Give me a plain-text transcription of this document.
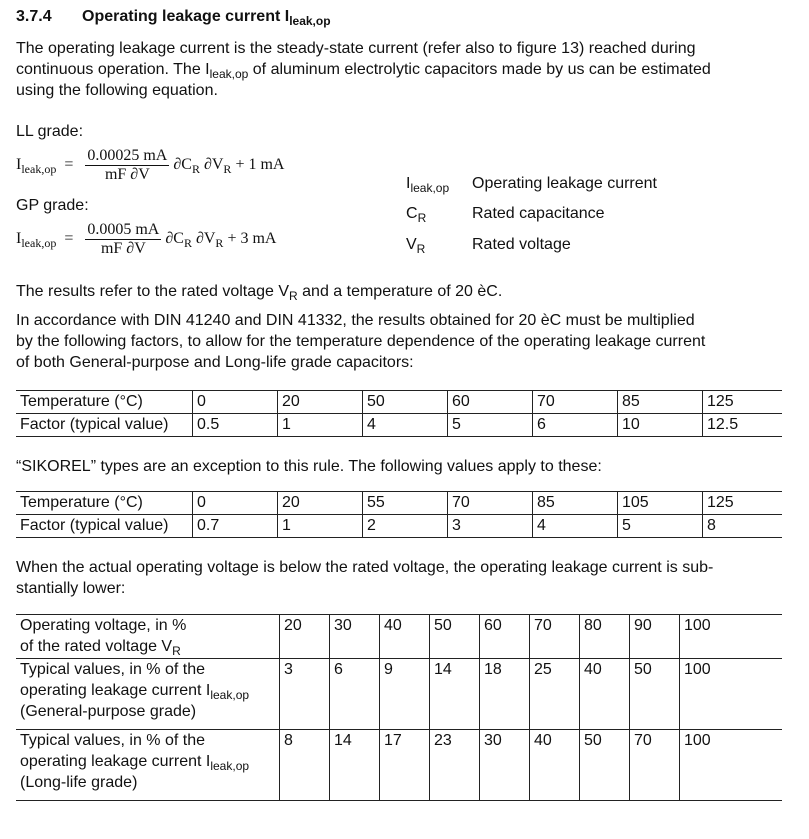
3.7.4 Operating leakage current $I_{leak,op}$
The operating leakage current is the steady-state current (refer also to figure 13) reached during
continuous operation. The $I_{leak,op}$ of aluminum electrolytic capacitors made by us can be estimated
using the following equation.
LL grade:
$I_{leak,op} = \frac{0.00025 mA}{mF \partial V} \partial C_R$ $\partial V_R + 1$ mA
GP grade:
$I_{leak,op} = \frac{0.0005 mA}{mF \partial V} \partial C_R$ $\partial V_R + 3$ mA
$I_{leak,op}$ Operating leakage current
$C_R$	Rated capacitance
$V_R$	Rated voltage
The results refer to the rated voltage $V_R$ and a temperature of 20 èC.
In accordance with DIN 41240 and DIN 41332, the results obtained for 20 èC must be multiplied
by the following factors, to allow for the temperature dependence of the operating leakage current
of both General-purpose and Long-life grade capacitors:
Temperature (°C)	0	20	50	60	70	85	125
Factor (typical value)	0.5	1	4	5	6	10	12.5
“SIKOREL” types are an exception to this rule. The following values apply to these:
Temperature (°C)	0	20	55	70	85	105	125
Factor (typical value)	0.7	1	2	3	4	5	8
When the actual operating voltage is below the rated voltage, the operating leakage current is sub-
stantially lower:
Operating voltage, in %
of the rated voltage $V_R$	20	30	40	50	60	70	80	90	100

Typical values, in % of the
operating leakage current $I_{leak,op}$
(General-purpose grade)	3	6	9	14	18	25	40	50	100

Typical values, in % of the
operating leakage current $I_{leak,op}$
(Long-life grade)	8	14	17	23	30	40	50	70	100
